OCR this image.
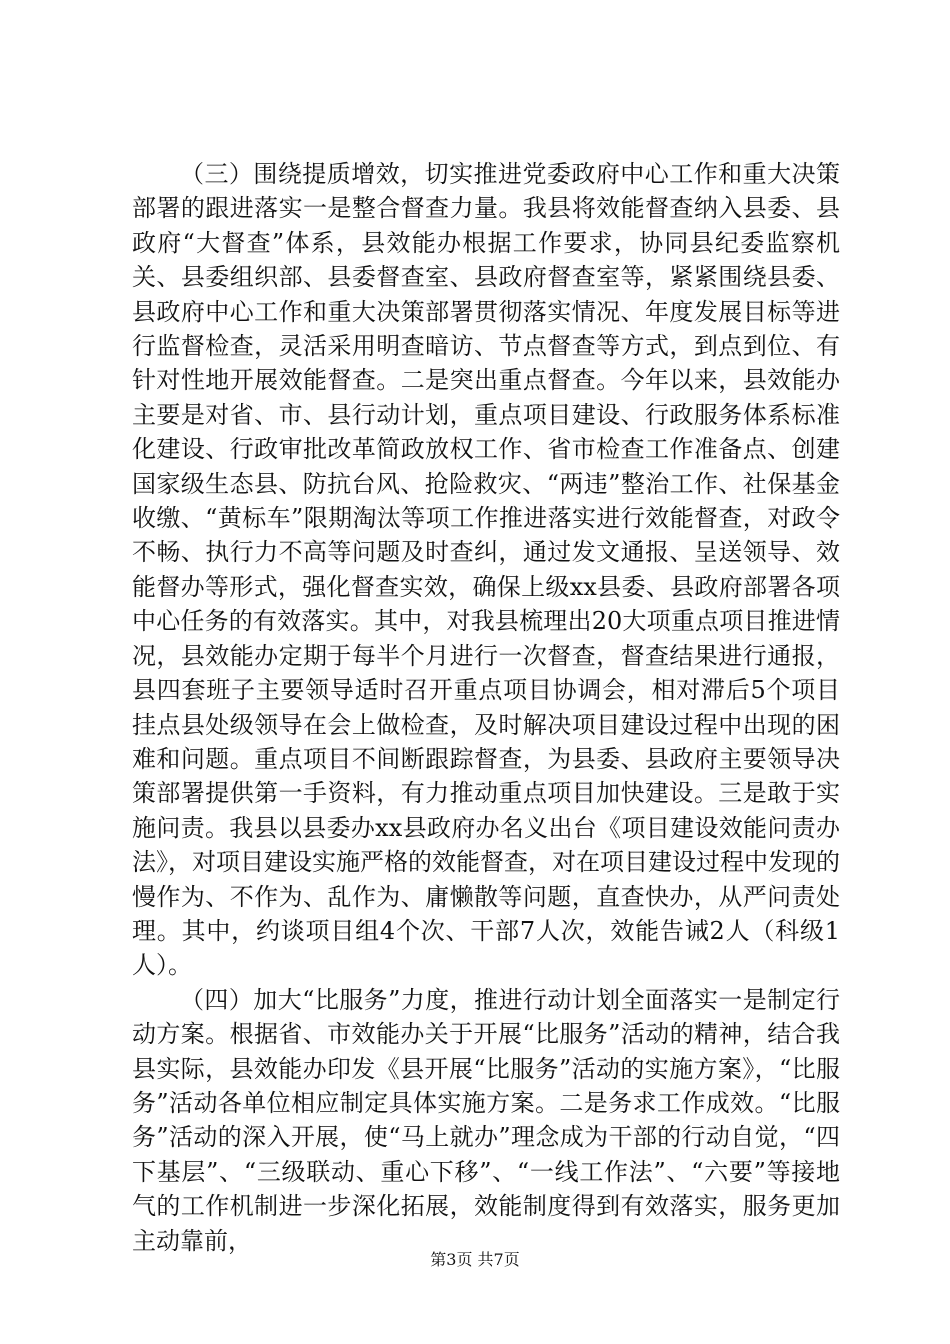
（三）围绕提质增效，切实推进党委政府中心工作和重大决策部署的跟进落实一是整合督查力量。我县将效能督查纳入县委、县政府“大督查”体系，县效能办根据工作要求，协同县纪委监察机关、县委组织部、县委督查室、县政府督查室等，紧紧围绕县委、县政府中心工作和重大决策部署贯彻落实情况、年度发展目标等进行监督检查，灵活采用明查暗访、节点督查等方式，到点到位、有针对性地开展效能督查。二是突出重点督查。今年以来，县效能办主要是对省、市、县行动计划，重点项目建设、行政服务体系标准化建设、行政审批改革简政放权工作、省市检查工作准备点、创建国家级生态县、防抗台风、抢险救灾、“两违”整治工作、社保基金收缴、“黄标车”限期淘汰等项工作推进落实进行效能督查，对政令不畅、执行力不高等问题及时查纠，通过发文通报、呈送领导、效能督办等形式，强化督查实效，确保上级xx县委、县政府部署各项中心任务的有效落实。其中，对我县梳理出20大项重点项目推进情况，县效能办定期于每半个月进行一次督查，督查结果进行通报，县四套班子主要领导适时召开重点项目协调会，相对滞后5个项目挂点县处级领导在会上做检查，及时解决项目建设过程中出现的困难和问题。重点项目不间断跟踪督查，为县委、县政府主要领导决策部署提供第一手资料，有力推动重点项目加快建设。三是敢于实施问责。我县以县委办xx县政府办名义出台《项目建设效能问责办法》，对项目建设实施严格的效能督查，对在项目建设过程中发现的慢作为、不作为、乱作为、庸懒散等问题，直查快办，从严问责处理。其中，约谈项目组4个次、干部7人次，效能告诫2人（科级1人）。

（四）加大“比服务”力度，推进行动计划全面落实一是制定行动方案。根据省、市效能办关于开展“比服务”活动的精神，结合我县实际，县效能办印发《县开展“比服务”活动的实施方案》，“比服务”活动各单位相应制定具体实施方案。二是务求工作成效。“比服务”活动的深入开展，使“马上就办”理念成为干部的行动自觉，“四下基层”、“三级联动、重心下移”、“一线工作法”、“六要”等接地气的工作机制进一步深化拓展，效能制度得到有效落实，服务更加主动靠前，

第3页 共7页
